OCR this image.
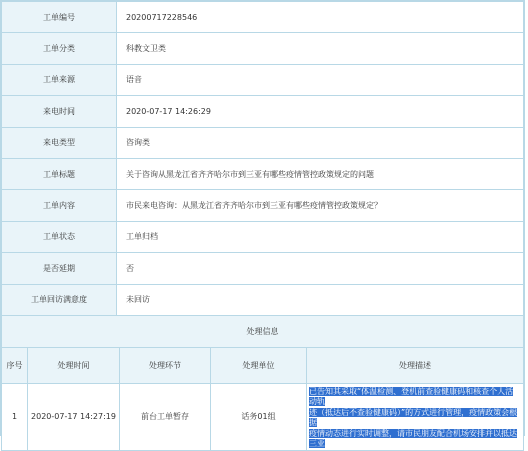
工单编号	20200717228546
工单分类	科教文卫类
工单来源	语音
来电时间	2020-07-17 14:26:29
来电类型	咨询类
工单标题	关于咨询从黑龙江省齐齐哈尔市到三亚有哪些疫情管控政策规定的问题
工单内容	市民来电咨询：从黑龙江省齐齐哈尔市到三亚有哪些疫情管控政策规定？
工单状态	工单归档
是否延期	否
工单回访满意度	未回访
处理信息
序号	处理时间	处理环节	处理单位	处理描述
1	2020-07-17 14:27:19	前台工单暂存	话务01组	已告知其采取“体温检测、登机前查验健康码和核查个人活动轨
迹（抵达后不查验健康码）”的方式进行管理，疫情政策会根据
疫情动态进行实时调整，请市民朋友配合机场安排并以抵达三亚
